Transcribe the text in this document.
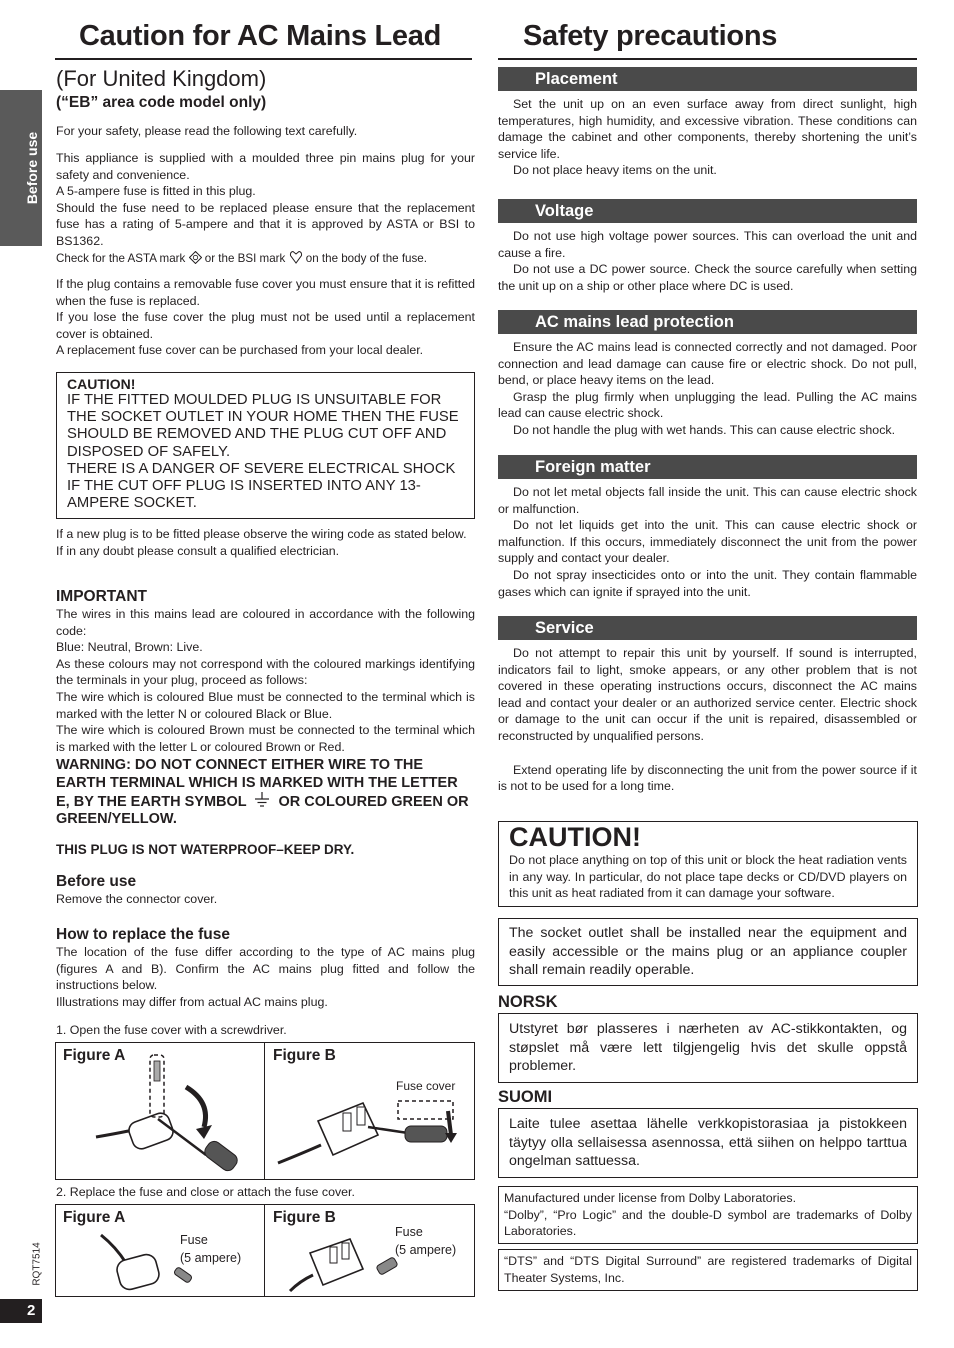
Before use
RQT7514
2
Caution for AC Mains Lead
(For United Kingdom)
(“EB” area code model only)

For your safety, please read the following text carefully.

This appliance is supplied with a moulded three pin mains plug for your safety and convenience.

A 5-ampere fuse is fitted in this plug.

Should the fuse need to be replaced please ensure that the replacement fuse has a rating of 5-ampere and that it is approved by ASTA or BSI to BS1362.

Check for the ASTA mark or the BSI mark on the body of the fuse.

If the plug contains a removable fuse cover you must ensure that it is refitted when the fuse is replaced.

If you lose the fuse cover the plug must not be used until a replacement cover is obtained.

A replacement fuse cover can be purchased from your local dealer.

CAUTION!
IF THE FITTED MOULDED PLUG IS UNSUITABLE FOR THE SOCKET OUTLET IN YOUR HOME THEN THE FUSE SHOULD BE REMOVED AND THE PLUG CUT OFF AND DISPOSED OF SAFELY.
THERE IS A DANGER OF SEVERE ELECTRICAL SHOCK IF THE CUT OFF PLUG IS INSERTED INTO ANY 13-AMPERE SOCKET.

If a new plug is to be fitted please observe the wiring code as stated below.

If in any doubt please consult a qualified electrician.

IMPORTANT

The wires in this mains lead are coloured in accordance with the following code:

Blue: Neutral, Brown: Live.

As these colours may not correspond with the coloured markings identifying the terminals in your plug, proceed as follows:

The wire which is coloured Blue must be connected to the terminal which is marked with the letter N or coloured Black or Blue.

The wire which is coloured Brown must be connected to the terminal which is marked with the letter L or coloured Brown or Red.

WARNING: DO NOT CONNECT EITHER WIRE TO THE EARTH TERMINAL WHICH IS MARKED WITH THE LETTER E, BY THE EARTH SYMBOL OR COLOURED GREEN OR GREEN/YELLOW.

THIS PLUG IS NOT WATERPROOF–KEEP DRY.

Before use

Remove the connector cover.

How to replace the fuse

The location of the fuse differ according to the type of AC mains plug (figures A and B). Confirm the AC mains plug fitted and follow the instructions below.

Illustrations may differ from actual AC mains plug.

1. Open the fuse cover with a screwdriver.
Figure A	Figure B
Fuse cover
2. Replace the fuse and close or attach the fuse cover.
Figure A
Fuse
(5 ampere)
Figure B
Fuse
(5 ampere)
Safety precautions
Placement

Set the unit up on an even surface away from direct sunlight, high temperatures, high humidity, and excessive vibration. These conditions can damage the cabinet and other components, thereby shortening the unit’s service life.

Do not place heavy items on the unit.

Voltage

Do not use high voltage power sources. This can overload the unit and cause a fire.

Do not use a DC power source. Check the source carefully when setting the unit up on a ship or other place where DC is used.

AC mains lead protection

Ensure the AC mains lead is connected correctly and not damaged. Poor connection and lead damage can cause fire or electric shock. Do not pull, bend, or place heavy items on the lead.

Grasp the plug firmly when unplugging the lead. Pulling the AC mains lead can cause electric shock.

Do not handle the plug with wet hands. This can cause electric shock.

Foreign matter

Do not let metal objects fall inside the unit. This can cause electric shock or malfunction.

Do not let liquids get into the unit. This can cause electric shock or malfunction. If this occurs, immediately disconnect the unit from the power supply and contact your dealer.

Do not spray insecticides onto or into the unit. They contain flammable gases which can ignite if sprayed into the unit.

Service

Do not attempt to repair this unit by yourself. If sound is interrupted, indicators fail to light, smoke appears, or any other problem that is not covered in these operating instructions occurs, disconnect the AC mains lead and contact your dealer or an authorized service center. Electric shock or damage to the unit can occur if the unit is repaired, disassembled or reconstructed by unqualified persons.

Extend operating life by disconnecting the unit from the power source if it is not to be used for a long time.

CAUTION!

Do not place anything on top of this unit or block the heat radiation vents in any way. In particular, do not place tape decks or CD/DVD players on this unit as heat radiated from it can damage your software.

The socket outlet shall be installed near the equipment and easily accessible or the mains plug or an appliance coupler shall remain readily operable.

NORSK

Utstyret bør plasseres i nærheten av AC-stikkontakten, og støpslet må være lett tilgjengelig hvis det skulle oppstå problemer.

SUOMI

Laite tulee asettaa lähelle verkkopistorasiaa ja pistokkeen täytyy olla sellaisessa asennossa, että siihen on helppo tarttua ongelman sattuessa.

Manufactured under license from Dolby Laboratories.

“Dolby”, “Pro Logic” and the double-D symbol are trademarks of Dolby Laboratories.

“DTS” and “DTS Digital Surround” are registered trademarks of Digital Theater Systems, Inc.
